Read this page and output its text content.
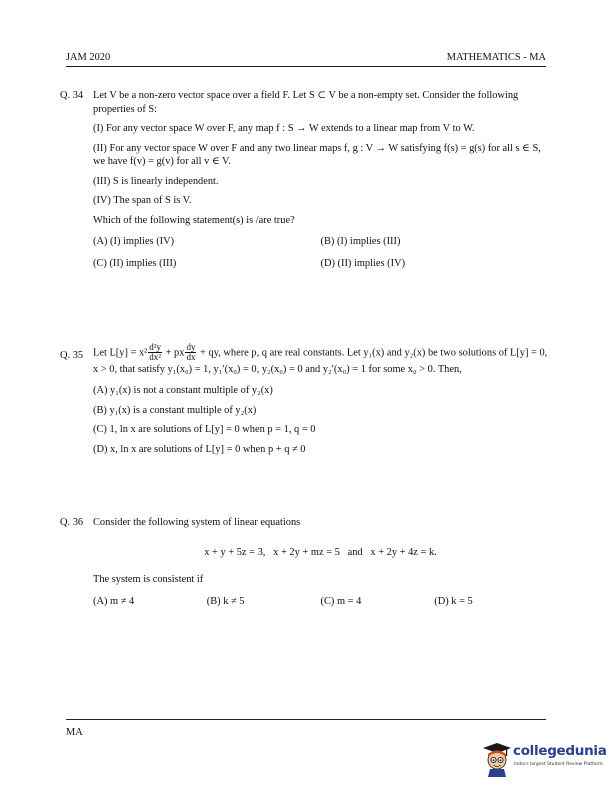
JAM 2020	MATHEMATICS - MA
Q. 34 Let V be a non-zero vector space over a field F. Let S ⊂ V be a non-empty set. Consider the following properties of S:

(I) For any vector space W over F, any map f : S → W extends to a linear map from V to W.

(II) For any vector space W over F and any two linear maps f, g : V → W satisfying f(s) = g(s) for all s ∈ S, we have f(v) = g(v) for all v ∈ V.

(III) S is linearly independent.

(IV) The span of S is V.

Which of the following statement(s) is /are true?

(A) (I) implies (IV)	(B) (I) implies (III)
(C) (II) implies (III)	(D) (II) implies (IV)
Q. 35 Let $L[y] = x^2 \frac{\text{d²y}}{\text{dx²}}$ + px $\frac{dy}{dx}$ + qy, where p, q are real constants. Let y₁(x) and y₂(x) be two solutions of L[y] = 0, x > 0, that satisfy y₁(x₀) = 1, y₁′(x₀) = 0, y₂(x₀) = 0 and y₂′(x₀) = 1 for some x₀ > 0. Then,

(A) y₁(x) is not a constant multiple of y₂(x)

(B) y₁(x) is a constant multiple of y₂(x)

(C) 1, ln x are solutions of L[y] = 0 when p = 1, q = 0

(D) x, ln x are solutions of L[y] = 0 when p + q ≠ 0

Q. 36 Consider the following system of linear equations

x + y + 5z = 3,   x + 2y + mz = 5   and   x + 2y + 4z = k.

The system is consistent if

(A) m ≠ 4	(B) k ≠ 5	(C) m = 4	(D) k = 5
MA
collegedunia
India's largest Student Review Platform
